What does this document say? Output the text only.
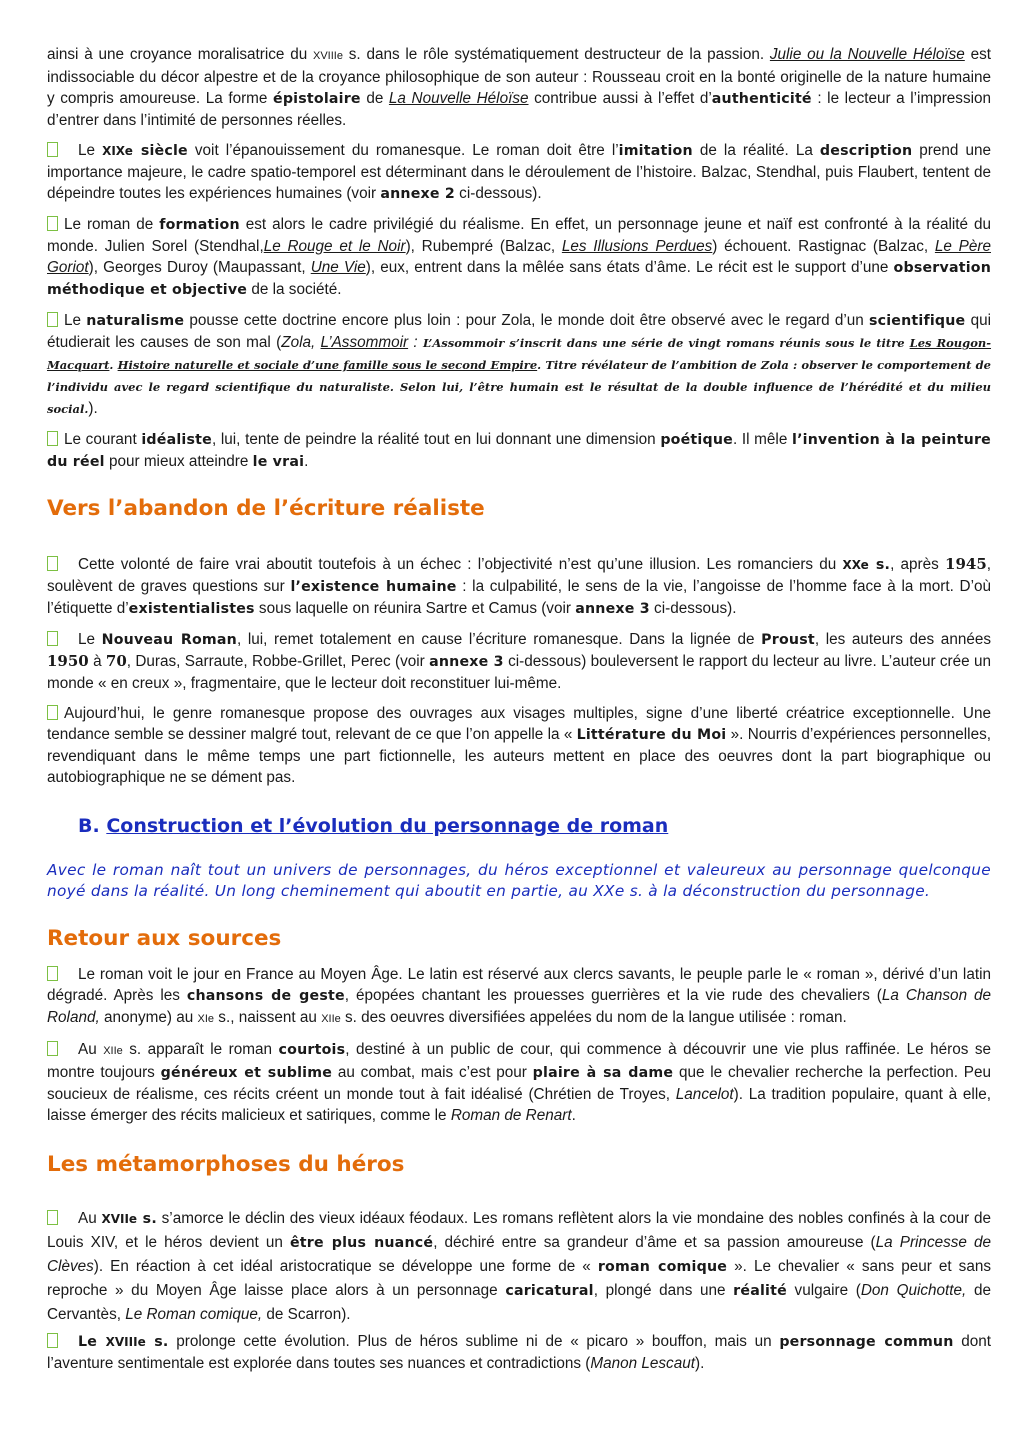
ainsi à une croyance moralisatrice du XVIIIe s. dans le rôle systématiquement destructeur de la passion. Julie ou la Nouvelle Héloïse est indissociable du décor alpestre et de la croyance philosophique de son auteur : Rousseau croit en la bonté originelle de la nature humaine y compris amoureuse. La forme épistolaire de La Nouvelle Héloïse contribue aussi à l’effet d’authenticité : le lecteur a l’impression d’entrer dans l’intimité de personnes réelles.

Le XIXe siècle voit l’épanouissement du romanesque. Le roman doit être l’imitation de la réalité. La description prend une importance majeure, le cadre spatio-temporel est déterminant dans le déroulement de l’histoire. Balzac, Stendhal, puis Flaubert, tentent de dépeindre toutes les expériences humaines (voir annexe 2 ci-dessous).

Le roman de formation est alors le cadre privilégié du réalisme. En effet, un personnage jeune et naïf est confronté à la réalité du monde. Julien Sorel (Stendhal,Le Rouge et le Noir), Rubempré (Balzac, Les Illusions Perdues) échouent. Rastignac (Balzac, Le Père Goriot), Georges Duroy (Maupassant, Une Vie), eux, entrent dans la mêlée sans états d’âme. Le récit est le support d’une observation méthodique et objective de la société.

Le naturalisme pousse cette doctrine encore plus loin : pour Zola, le monde doit être observé avec le regard d’un scientifique qui étudierait les causes de son mal (Zola, L’Assommoir : L’Assommoir s’inscrit dans une série de vingt romans réunis sous le titre Les Rougon-Macquart. Histoire naturelle et sociale d’une famille sous le second Empire. Titre révélateur de l’ambition de Zola : observer le comportement de l’individu avec le regard scientifique du naturaliste. Selon lui, l’être humain est le résultat de la double influence de l’hérédité et du milieu social.).

Le courant idéaliste, lui, tente de peindre la réalité tout en lui donnant une dimension poétique. Il mêle l’invention à la peinture du réel pour mieux atteindre le vrai.

Vers l’abandon de l’écriture réaliste

Cette volonté de faire vrai aboutit toutefois à un échec : l’objectivité n’est qu’une illusion. Les romanciers du XXe s., après 1945, soulèvent de graves questions sur l’existence humaine : la culpabilité, le sens de la vie, l’angoisse de l’homme face à la mort. D’où l’étiquette d’existentialistes sous laquelle on réunira Sartre et Camus (voir annexe 3 ci-dessous).

Le Nouveau Roman, lui, remet totalement en cause l’écriture romanesque. Dans la lignée de Proust, les auteurs des années 1950 à 70, Duras, Sarraute, Robbe-Grillet, Perec (voir annexe 3 ci-dessous) bouleversent le rapport du lecteur au livre. L’auteur crée un monde « en creux », fragmentaire, que le lecteur doit reconstituer lui-même.

Aujourd’hui, le genre romanesque propose des ouvrages aux visages multiples, signe d’une liberté créatrice exceptionnelle. Une tendance semble se dessiner malgré tout, relevant de ce que l’on appelle la « Littérature du Moi ». Nourris d’expériences personnelles, revendiquant dans le même temps une part fictionnelle, les auteurs mettent en place des oeuvres dont la part biographique ou autobiographique ne se dément pas.

B. Construction et l’évolution du personnage de roman

Avec le roman naît tout un univers de personnages, du héros exceptionnel et valeureux au personnage quelconque noyé dans la réalité. Un long cheminement qui aboutit en partie, au XXe s. à la déconstruction du personnage.

Retour aux sources

Le roman voit le jour en France au Moyen Âge. Le latin est réservé aux clercs savants, le peuple parle le « roman », dérivé d’un latin dégradé. Après les chansons de geste, épopées chantant les prouesses guerrières et la vie rude des chevaliers (La Chanson de Roland, anonyme) au XIe s., naissent au XIIe s. des oeuvres diversifiées appelées du nom de la langue utilisée : roman.

Au XIIe s. apparaît le roman courtois, destiné à un public de cour, qui commence à découvrir une vie plus raffinée. Le héros se montre toujours généreux et sublime au combat, mais c’est pour plaire à sa dame que le chevalier recherche la perfection. Peu soucieux de réalisme, ces récits créent un monde tout à fait idéalisé (Chrétien de Troyes, Lancelot). La tradition populaire, quant à elle, laisse émerger des récits malicieux et satiriques, comme le Roman de Renart.

Les métamorphoses du héros

Au XVIIe s. s’amorce le déclin des vieux idéaux féodaux. Les romans reflètent alors la vie mondaine des nobles confinés à la cour de Louis XIV, et le héros devient un être plus nuancé, déchiré entre sa grandeur d’âme et sa passion amoureuse (La Princesse de Clèves). En réaction à cet idéal aristocratique se développe une forme de « roman comique ». Le chevalier « sans peur et sans reproche » du Moyen Âge laisse place alors à un personnage caricatural, plongé dans une réalité vulgaire (Don Quichotte, de Cervantès, Le Roman comique, de Scarron).

Le XVIIIe s. prolonge cette évolution. Plus de héros sublime ni de « picaro » bouffon, mais un personnage commun dont l’aventure sentimentale est explorée dans toutes ses nuances et contradictions (Manon Lescaut).
